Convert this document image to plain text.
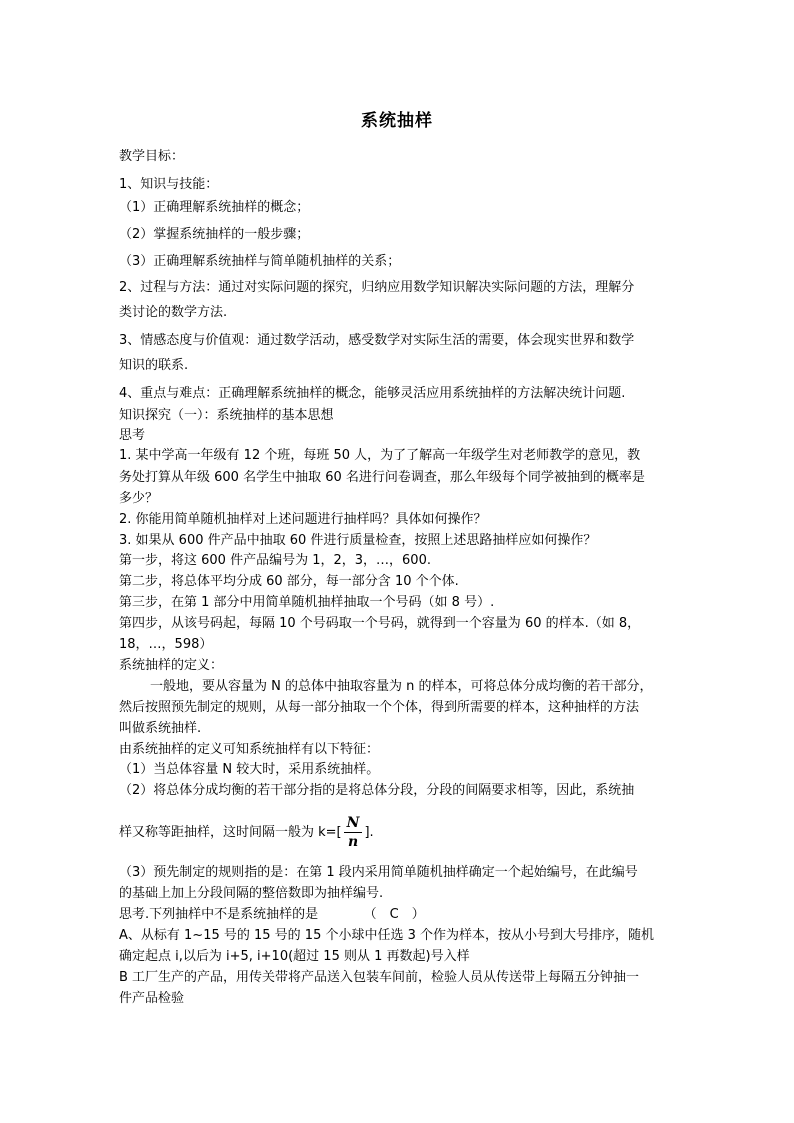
系统抽样
教学目标：
1、知识与技能：
（1）正确理解系统抽样的概念；
（2）掌握系统抽样的一般步骤；
（3）正确理解系统抽样与简单随机抽样的关系；
2、过程与方法：通过对实际问题的探究，归纳应用数学知识解决实际问题的方法，理解分
类讨论的数学方法.
3、情感态度与价值观：通过数学活动，感受数学对实际生活的需要，体会现实世界和数学
知识的联系.
4、重点与难点：正确理解系统抽样的概念，能够灵活应用系统抽样的方法解决统计问题.
知识探究（一）：系统抽样的基本思想
思考
1. 某中学高一年级有 12 个班，每班 50 人，为了了解高一年级学生对老师教学的意见，教
务处打算从年级 600 名学生中抽取 60 名进行问卷调查，那么年级每个同学被抽到的概率是
多少？
2. 你能用简单随机抽样对上述问题进行抽样吗？具体如何操作？
3. 如果从 600 件产品中抽取 60 件进行质量检查，按照上述思路抽样应如何操作？
第一步，将这 600 件产品编号为 1，2，3，…，600.
第二步，将总体平均分成 60 部分，每一部分含 10 个个体.
第三步，在第 1 部分中用简单随机抽样抽取一个号码（如 8 号）.
第四步，从该号码起，每隔 10 个号码取一个号码，就得到一个容量为 60 的样本.（如 8，
18，…，598）
系统抽样的定义：
一般地，要从容量为 N 的总体中抽取容量为 n 的样本，可将总体分成均衡的若干部分，
然后按照预先制定的规则，从每一部分抽取一个个体，得到所需要的样本，这种抽样的方法
叫做系统抽样.
由系统抽样的定义可知系统抽样有以下特征：
（1）当总体容量 N 较大时，采用系统抽样。
（2）将总体分成均衡的若干部分指的是将总体分段，分段的间隔要求相等，因此，系统抽
样又称等距抽样，这时间隔一般为 $k=[ \frac{N}{n}$ ].
（3）预先制定的规则指的是：在第 1 段内采用简单随机抽样确定一个起始编号，在此编号
的基础上加上分段间隔的整倍数即为抽样编号.
思考.下列抽样中不是系统抽样的是　　　　（　C　）
A、从标有 1~15 号的 15 号的 15 个小球中任选 3 个作为样本，按从小号到大号排序，随机
确定起点 i,以后为 i+5, i+10(超过 15 则从 1 再数起)号入样
B 工厂生产的产品，用传关带将产品送入包装车间前，检验人员从传送带上每隔五分钟抽一
件产品检验
